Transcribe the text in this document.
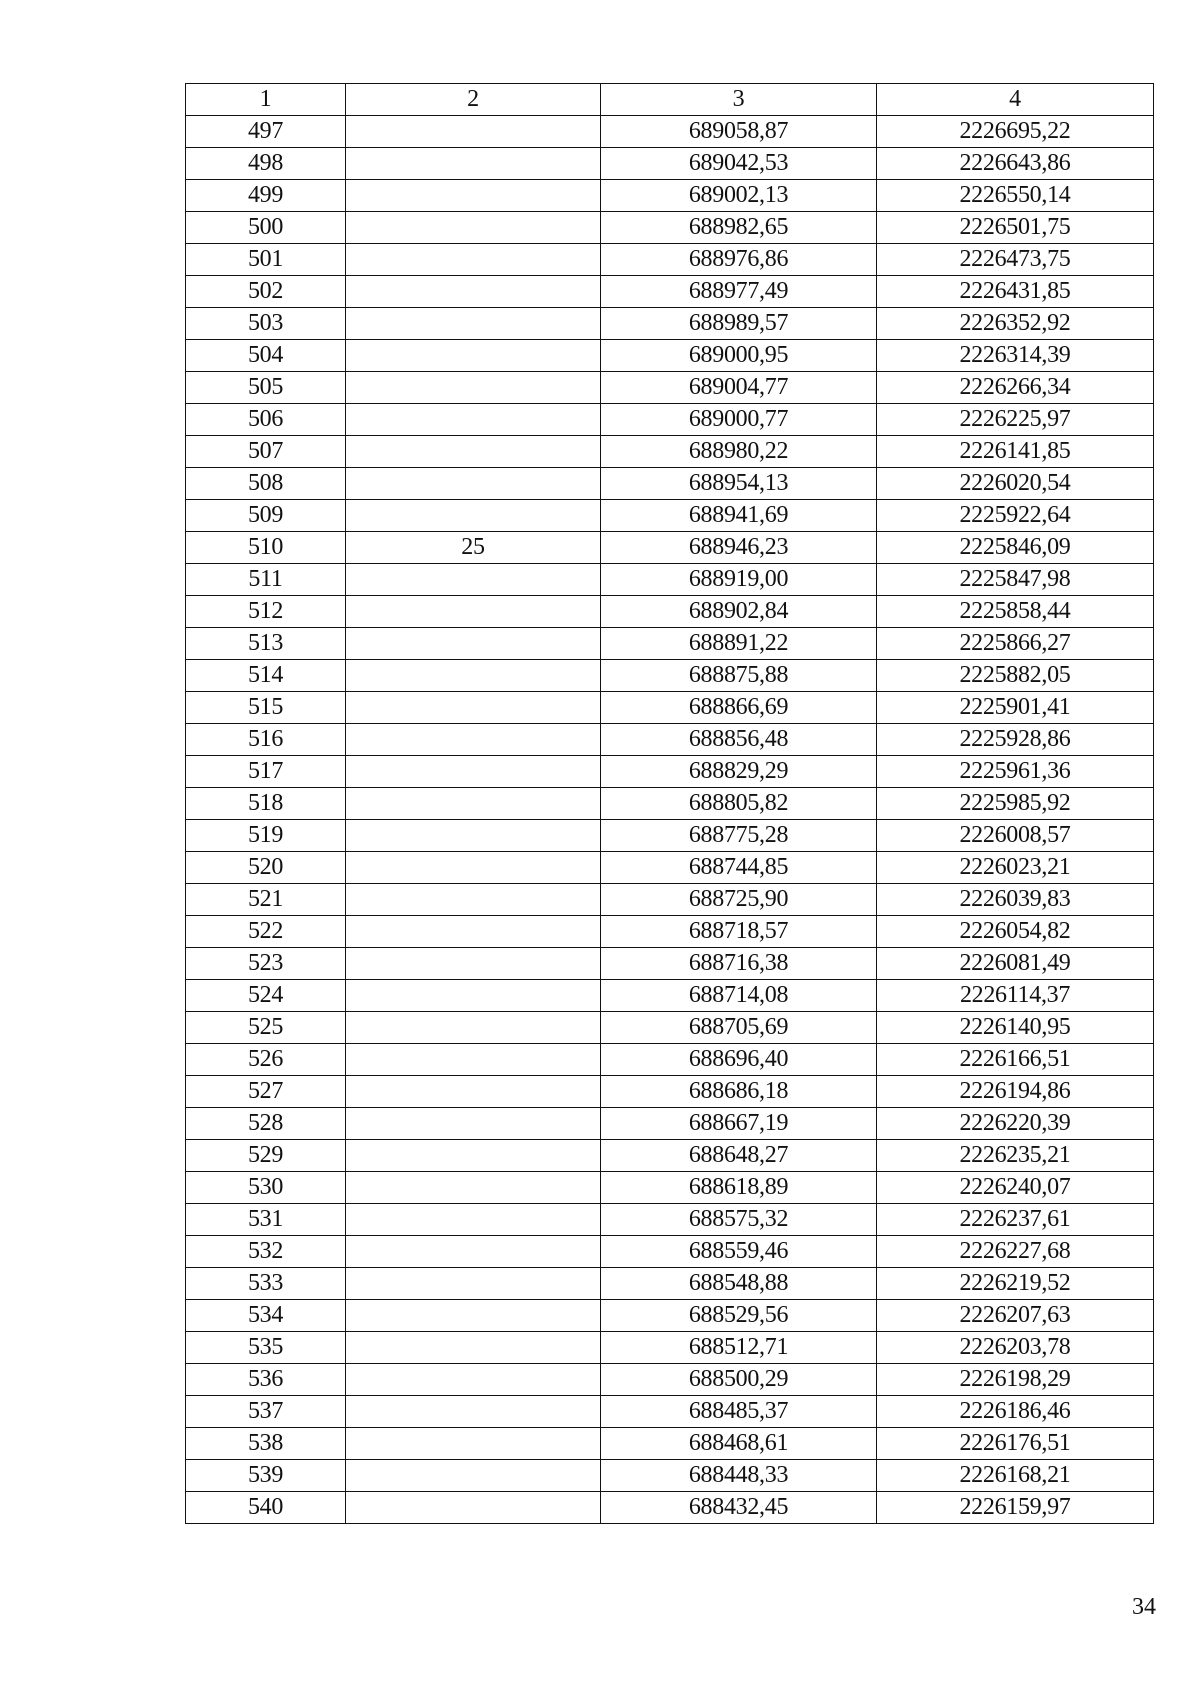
1	2	3	4
497		689058,87	2226695,22
498		689042,53	2226643,86
499		689002,13	2226550,14
500		688982,65	2226501,75
501		688976,86	2226473,75
502		688977,49	2226431,85
503		688989,57	2226352,92
504		689000,95	2226314,39
505		689004,77	2226266,34
506		689000,77	2226225,97
507		688980,22	2226141,85
508		688954,13	2226020,54
509		688941,69	2225922,64
510	25	688946,23	2225846,09
511		688919,00	2225847,98
512		688902,84	2225858,44
513		688891,22	2225866,27
514		688875,88	2225882,05
515		688866,69	2225901,41
516		688856,48	2225928,86
517		688829,29	2225961,36
518		688805,82	2225985,92
519		688775,28	2226008,57
520		688744,85	2226023,21
521		688725,90	2226039,83
522		688718,57	2226054,82
523		688716,38	2226081,49
524		688714,08	2226114,37
525		688705,69	2226140,95
526		688696,40	2226166,51
527		688686,18	2226194,86
528		688667,19	2226220,39
529		688648,27	2226235,21
530		688618,89	2226240,07
531		688575,32	2226237,61
532		688559,46	2226227,68
533		688548,88	2226219,52
534		688529,56	2226207,63
535		688512,71	2226203,78
536		688500,29	2226198,29
537		688485,37	2226186,46
538		688468,61	2226176,51
539		688448,33	2226168,21
540		688432,45	2226159,97
34
